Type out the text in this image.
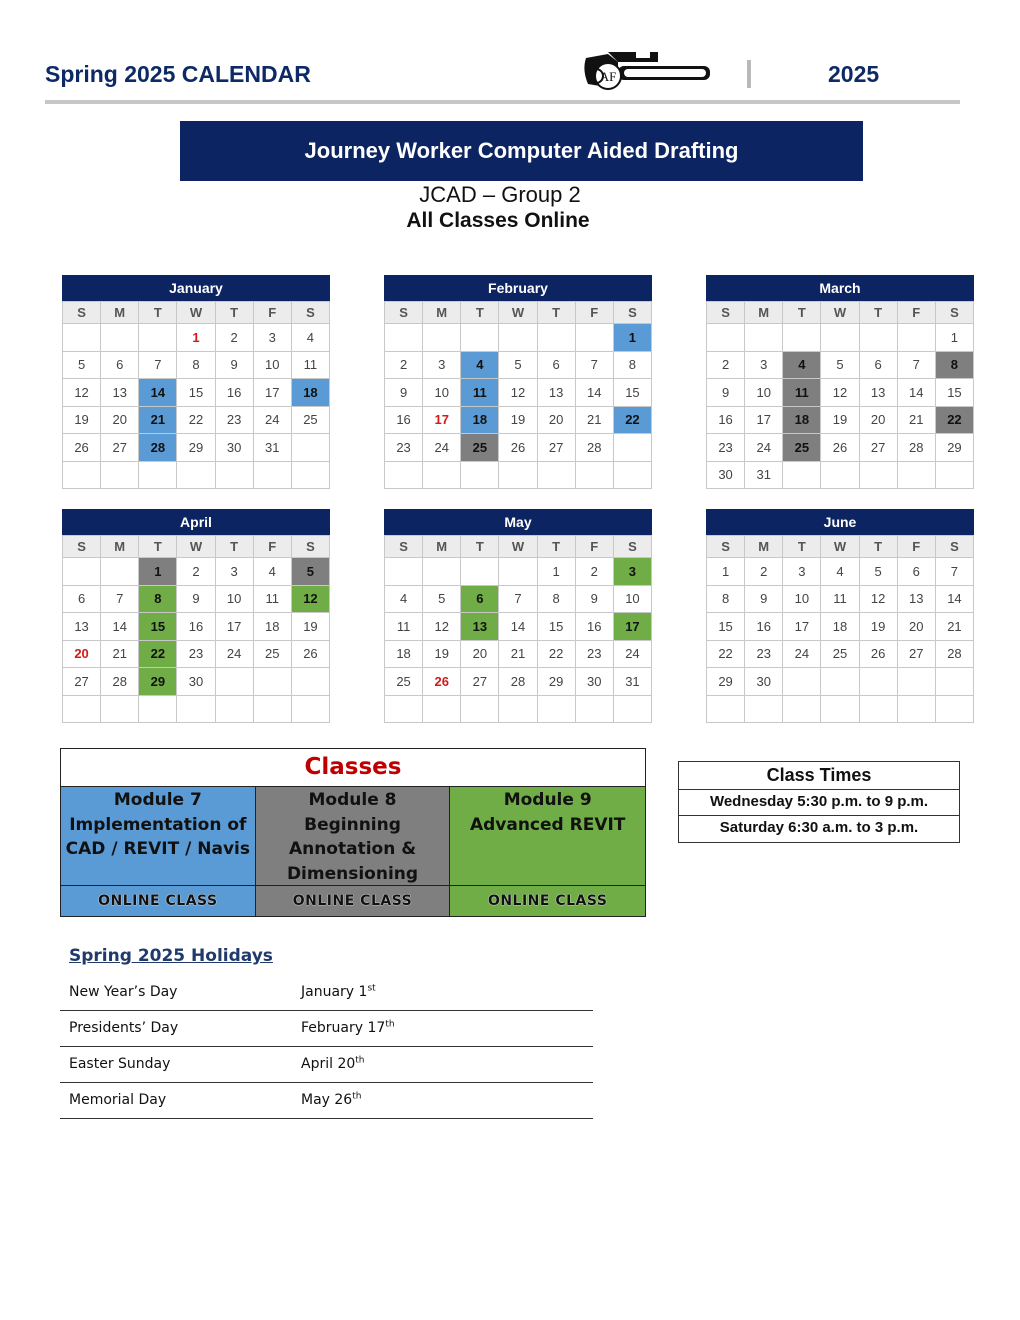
Spring 2025 CALENDAR	AF	2025
Journey Worker Computer Aided Drafting
JCAD – Group 2
All Classes Online
January
S	M	T	W	T	F	S
			1	2	3	4
5	6	7	8	9	10	11
12	13	14	15	16	17	18
19	20	21	22	23	24	25
26	27	28	29	30	31	

February
S	M	T	W	T	F	S
						1
2	3	4	5	6	7	8
9	10	11	12	13	14	15
16	17	18	19	20	21	22
23	24	25	26	27	28	

March
S	M	T	W	T	F	S
						1
2	3	4	5	6	7	8
9	10	11	12	13	14	15
16	17	18	19	20	21	22
23	24	25	26	27	28	29
30	31					
April
S	M	T	W	T	F	S
		1	2	3	4	5
6	7	8	9	10	11	12
13	14	15	16	17	18	19
20	21	22	23	24	25	26
27	28	29	30			

May
S	M	T	W	T	F	S
				1	2	3
4	5	6	7	8	9	10
11	12	13	14	15	16	17
18	19	20	21	22	23	24
25	26	27	28	29	30	31

June
S	M	T	W	T	F	S
1	2	3	4	5	6	7
8	9	10	11	12	13	14
15	16	17	18	19	20	21
22	23	24	25	26	27	28
29	30					

Classes
Module 7
Implementation of
CAD / REVIT / Navis
Module 8
Beginning
Annotation &
Dimensioning
Module 9
Advanced REVIT
ONLINE CLASS	ONLINE CLASS	ONLINE CLASS
Class Times
Wednesday 5:30 p.m. to 9 p.m.
Saturday 6:30 a.m. to 3 p.m.
Spring 2025 Holidays
New Year’s Day	January 1st
Presidents’ Day	February 17th
Easter Sunday	April 20th
Memorial Day	May 26th
